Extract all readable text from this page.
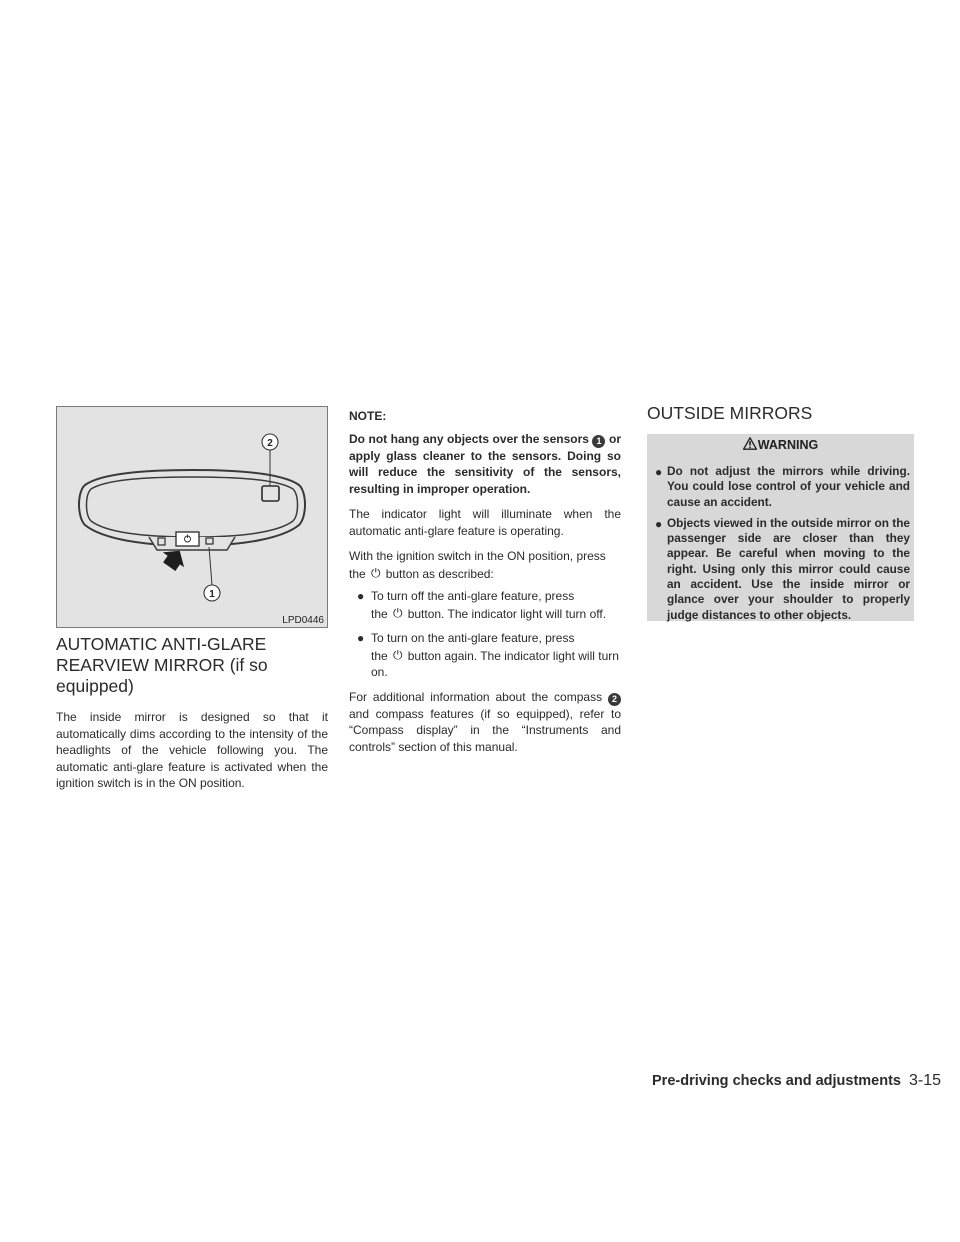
2
1
LPD0446
AUTOMATIC ANTI-GLARE
REARVIEW MIRROR (if so equipped)

The inside mirror is designed so that it automatically dims according to the intensity of the headlights of the vehicle following you. The automatic anti-glare feature is activated when the ignition switch is in the ON position.

NOTE:

Do not hang any objects over the sensors 1 or apply glass cleaner to the sensors. Doing so will reduce the sensitivity of the sensors, resulting in improper operation.

The indicator light will illuminate when the automatic anti-glare feature is operating.

With the ignition switch in the ON position, press
the ⏻ button as described:

● To turn off the anti-glare feature, press
the ⏻ button. The indicator light will turn off.

● To turn on the anti-glare feature, press
the ⏻ button again. The indicator light will turn on.

For additional information about the compass 2 and compass features (if so equipped), refer to “Compass display” in the “Instruments and controls” section of this manual.

OUTSIDE MIRRORS
WARNING
● Do not adjust the mirrors while driving. You could lose control of your vehicle and cause an accident.

● Objects viewed in the outside mirror on the passenger side are closer than they appear. Be careful when moving to the right. Using only this mirror could cause an accident. Use the inside mirror or glance over your shoulder to properly judge distances to other objects.

Pre-driving checks and adjustments 3-15
